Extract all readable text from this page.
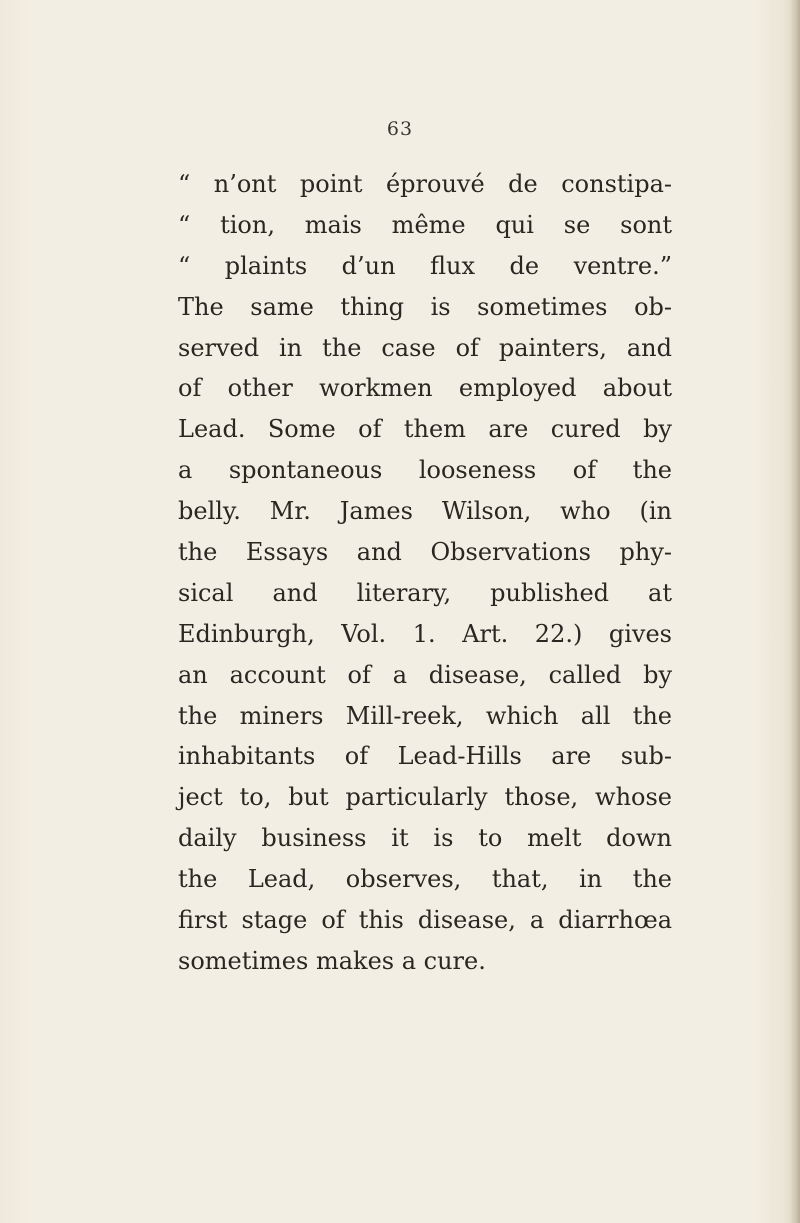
63
“ n’ont point éprouvé de constipa-
“ tion, mais même qui se sont
“ plaints d’un flux de ventre.”
The same thing is sometimes ob-
served in the case of painters, and
of other workmen employed about
Lead. Some of them are cured by
a spontaneous looseness of the
belly. Mr. James Wilson, who (in
the Essays and Observations phy-
sical and literary, published at
Edinburgh, Vol. 1. Art. 22.) gives
an account of a disease, called by
the miners Mill-reek, which all the
inhabitants of Lead-Hills are sub-
ject to, but particularly those, whose
daily business it is to melt down
the Lead, observes, that, in the
first stage of this disease, a diarrhœa
sometimes makes a cure.
